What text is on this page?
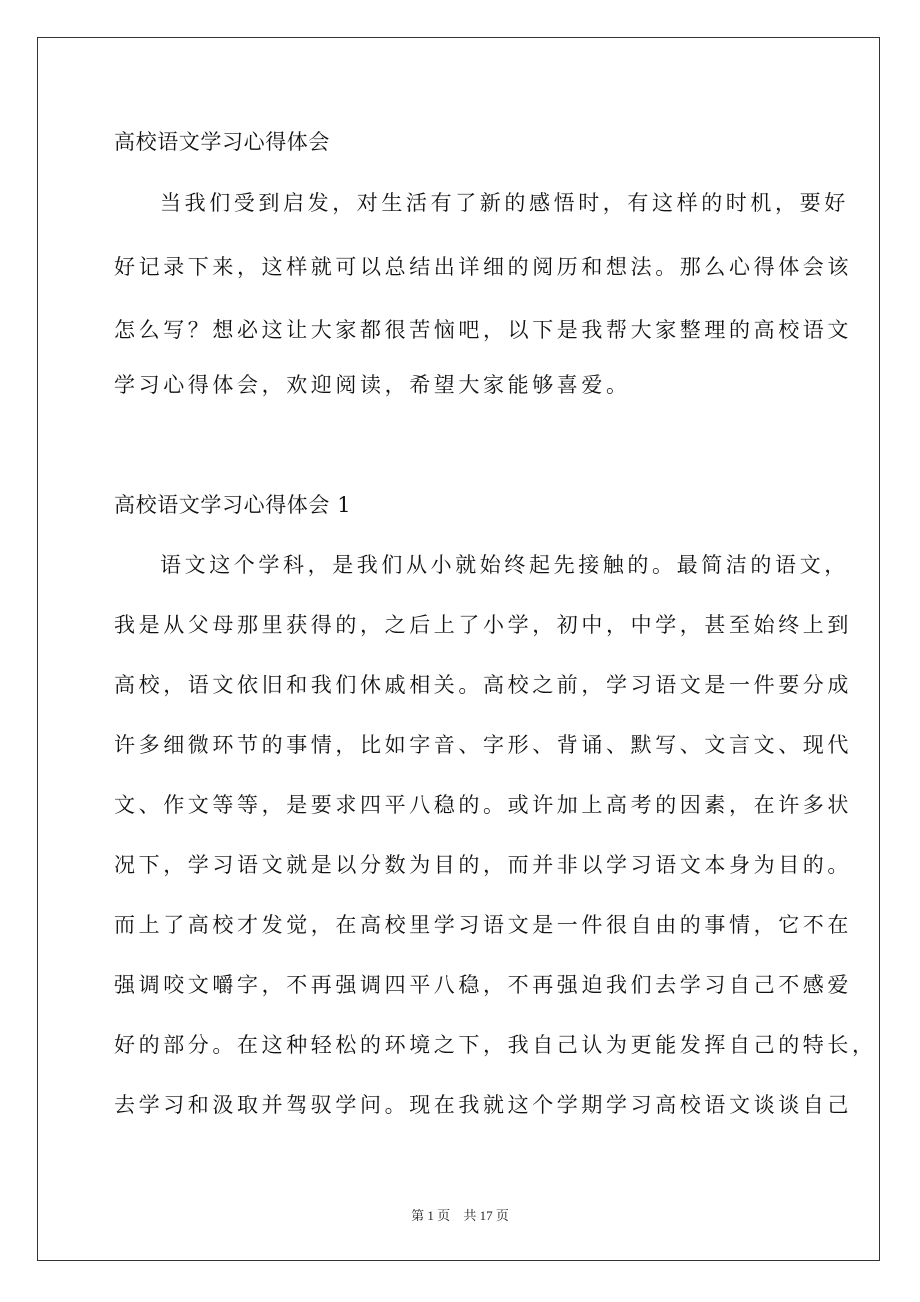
高校语文学习心得体会
当我们受到启发，对生活有了新的感悟时，有这样的时机，要好
好记录下来，这样就可以总结出详细的阅历和想法。那么心得体会该
怎么写？想必这让大家都很苦恼吧，以下是我帮大家整理的高校语文
学习心得体会，欢迎阅读，希望大家能够喜爱。
高校语文学习心得体会 1
语文这个学科，是我们从小就始终起先接触的。最简洁的语文，
我是从父母那里获得的，之后上了小学，初中，中学，甚至始终上到
高校，语文依旧和我们休戚相关。高校之前，学习语文是一件要分成
许多细微环节的事情，比如字音、字形、背诵、默写、文言文、现代
文、作文等等，是要求四平八稳的。或许加上高考的因素，在许多状
况下，学习语文就是以分数为目的，而并非以学习语文本身为目的。
而上了高校才发觉，在高校里学习语文是一件很自由的事情，它不在
强调咬文嚼字，不再强调四平八稳，不再强迫我们去学习自己不感爱
好的部分。在这种轻松的环境之下，我自己认为更能发挥自己的特长，
去学习和汲取并驾驭学问。现在我就这个学期学习高校语文谈谈自己
第 1 页 共 17 页
